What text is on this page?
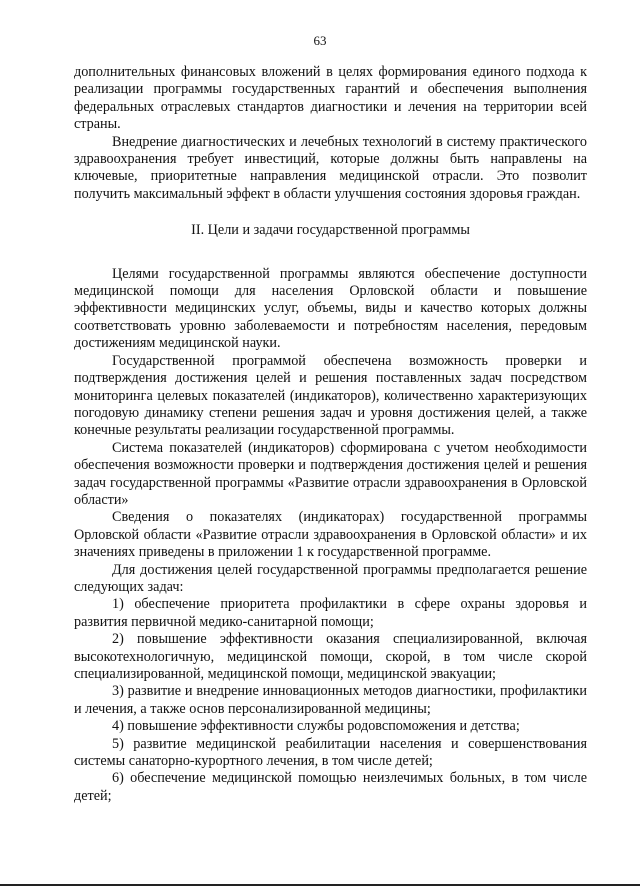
63

дополнительных финансовых вложений в целях формирования единого подхода к реализации программы государственных гарантий и обеспечения выполнения федеральных отраслевых стандартов диагностики и лечения на территории всей страны.

Внедрение диагностических и лечебных технологий в систему практического здравоохранения требует инвестиций, которые должны быть направлены на ключевые, приоритетные направления медицинской отрасли. Это позволит получить максимальный эффект в области улучшения состояния здоровья граждан.

II. Цели и задачи государственной программы

Целями государственной программы являются обеспечение доступности медицинской помощи для населения Орловской области и повышение эффективности медицинских услуг, объемы, виды и качество которых должны соответствовать уровню заболеваемости и потребностям населения, передовым достижениям медицинской науки.

Государственной программой обеспечена возможность проверки и подтверждения достижения целей и решения поставленных задач посредством мониторинга целевых показателей (индикаторов), количественно характеризующих погодовую динамику степени решения задач и уровня достижения целей, а также конечные результаты реализации государственной программы.

Система показателей (индикаторов) сформирована с учетом необходимости обеспечения возможности проверки и подтверждения достижения целей и решения задач государственной программы «Развитие отрасли здравоохранения в Орловской области»

Сведения о показателях (индикаторах) государственной программы Орловской области «Развитие отрасли здравоохранения в Орловской области» и их значениях приведены в приложении 1 к государственной программе.

Для достижения целей государственной программы предполагается решение следующих задач:

1) обеспечение приоритета профилактики в сфере охраны здоровья и развития первичной медико-санитарной помощи;

2) повышение эффективности оказания специализированной, включая высокотехнологичную, медицинской помощи, скорой, в том числе скорой специализированной, медицинской помощи, медицинской эвакуации;

3) развитие и внедрение инновационных методов диагностики, профилактики и лечения, а также основ персонализированной медицины;

4) повышение эффективности службы родовспоможения и детства;

5) развитие медицинской реабилитации населения и совершенствования системы санаторно-курортного лечения, в том числе детей;

6) обеспечение медицинской помощью неизлечимых больных, в том числе детей;
